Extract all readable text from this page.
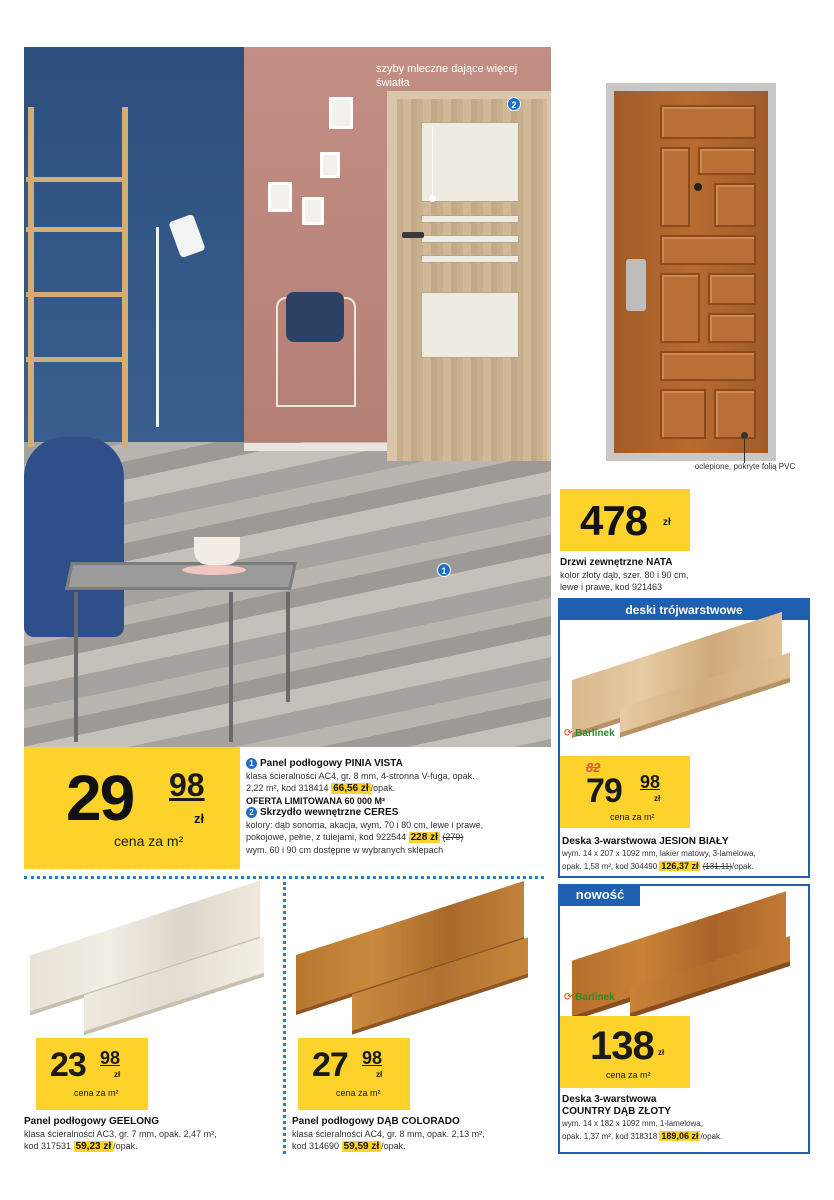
szyby mleczne dające więcej światła
2
1
oclepione, pokryte folią PVC
478 zł
Drzwi zewnętrzne NATA
kolor złoty dąb, szer. 80 i 90 cm,
lewe i prawe, kod 921463
29 98
zł
cena za m²
1 Panel podłogowy PINIA VISTA
klasa ścieralności AC4, gr. 8 mm, 4-stronna V-fuga, opak.
2,22 m², kod 318414 66,56 zł /opak.
OFERTA LIMITOWANA 60 000 M²
2 Skrzydło wewnętrzne CERES
kolory: dąb sonoma, akacja, wym. 70 i 80 cm, lewe i prawe,
pokojowe, pełne, z tulejami, kod 922544 228 zł (279)
wym. 60 i 90 cm dostępne w wybranych sklepach
deski trójwarstwowe
⟳ Barlinek
82
79 98
zł
cena za m²
Deska 3-warstwowa JESION BIAŁY
wym. 14 x 207 x 1092 mm, lakier matowy, 3-lamelowa,
opak. 1,58 m², kod 304490 126,37 zł (131,11)/opak.
nowość
⟳ Barlinek
138 zł
cena za m²
Deska 3-warstwowa
COUNTRY DĄB ZŁOTY
wym. 14 x 182 x 1092 mm, 1-lamelowa,
opak. 1,37 m², kod 318318 189,06 zł /opak.
23 98
zł
cena za m²
Panel podłogowy GEELONG
klasa ścieralności AC3, gr. 7 mm, opak. 2,47 m²,
kod 317531 59,23 zł /opak.
27 98
zł
cena za m²
Panel podłogowy DĄB COLORADO
klasa ścieralności AC4, gr. 8 mm, opak. 2,13 m²,
kod 314690 59,59 zł /opak.
